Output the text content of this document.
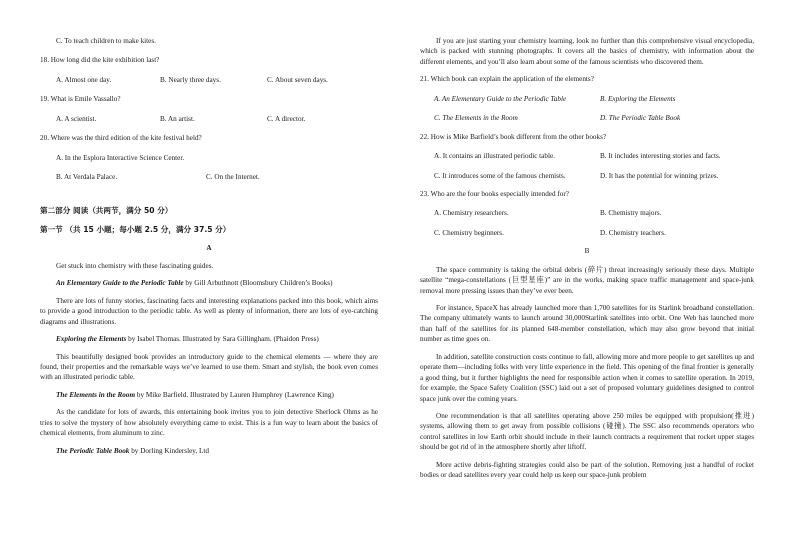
C. To teach children to make kites.

18. How long did the kite exhibition last?

A. Almost one day.	B. Nearly three days.	C. About seven days.

19. What is Emile Vassallo?

A. A scientist.	B. An artist.	C. A director.

20. Where was the third edition of the kite festival held?

A. In the Esplora Interactive Science Center.

B. At Verdala Palace.	C. On the Internet.

第二部分 阅读（共两节，满分 50 分）

第一节 （共 15 小题；每小题 2.5 分，满分 37.5 分）

A

Get stuck into chemistry with these fascinating guides.

An Elementary Guide to the Periodic Table by Gill Arbuthnott (Bloomsbury Children’s Books)

There are lots of funny stories, fascinating facts and interesting explanations packed into this book, which aims to provide a good introduction to the periodic table. As well as plenty of information, there are lots of eye-catching diagrams and illustrations.

Exploring the Elements by Isabel Thomas. Illustrated by Sara Gillingham. (Phaidon Press)

This beautifully designed book provides an introductory guide to the chemical elements — where they are found, their properties and the remarkable ways we’ve learned to use them. Smart and stylish, the book even comes with an illustrated periodic table.

The Elements in the Room by Mike Barfield. Illustrated by Lauren Humphrey (Lawrence King)

As the candidate for lots of awards, this entertaining book invites you to join detective Sherlock Ohms as he tries to solve the mystery of how absolutely everything came to exist. This is a fun way to learn about the basics of chemical elements, from aluminum to zinc.

The Periodic Table Book by Dorling Kindersley, Ltd

If you are just starting your chemistry learning, look no further than this comprehensive visual encyclopedia, which is packed with stunning photographs. It covers all the basics of chemistry, with information about the different elements, and you’ll also learn about some of the famous scientists who discovered them.

21. Which book can explain the application of the elements?

A. An Elementary Guide to the Periodic Table	B. Exploring the Elements
C. The Elements in the Room	D. The Periodic Table Book

22. How is Mike Barfield’s book different from the other books?

A. It contains an illustrated periodic table.	B. It includes interesting stories and facts.
C. It introduces some of the famous chemists.	D. It has the potential for winning prizes.

23. Who are the four books especially intended for?

A. Chemistry researchers.	B. Chemistry majors.
C. Chemistry beginners.	D. Chemistry teachers.

B

The space community is taking the orbital debris (碎片) threat increasingly seriously these days. Multiple satellite “mega-constellations (巨型星座)” are in the works, making space traffic management and space-junk removal more pressing issues than they’ve ever been.

For instance, SpaceX has already launched more than 1,700 satellites for its Starlink broadband constellation. The company ultimately wants to launch around 30,000Starlink satellites into orbit. One Web has launched more than half of the satellites for its planned 648-member constellation, which may also grow beyond that initial number as time goes on.

In addition, satellite construction costs continue to fall, allowing more and more people to get satellites up and operate them—including folks with very little experience in the field. This opening of the final frontier is generally a good thing, but it further highlights the need for responsible action when it comes to satellite operation. In 2019, for example, the Space Safety Coalition (SSC) laid out a set of proposed voluntary guidelines designed to control space junk over the coming years.

One recommendation is that all satellites operating above 250 miles be equipped with propulsion(推进) systems, allowing them to get away from possible collisions (碰撞). The SSC also recommends operators who control satellites in low Earth orbit should include in their launch contracts a requirement that rocket upper stages should be got rid of in the atmosphere shortly after liftoff.

More active debris-fighting strategies could also be part of the solution. Removing just a handful of rocket bodies or dead satellites every year could help us keep our space-junk problem
